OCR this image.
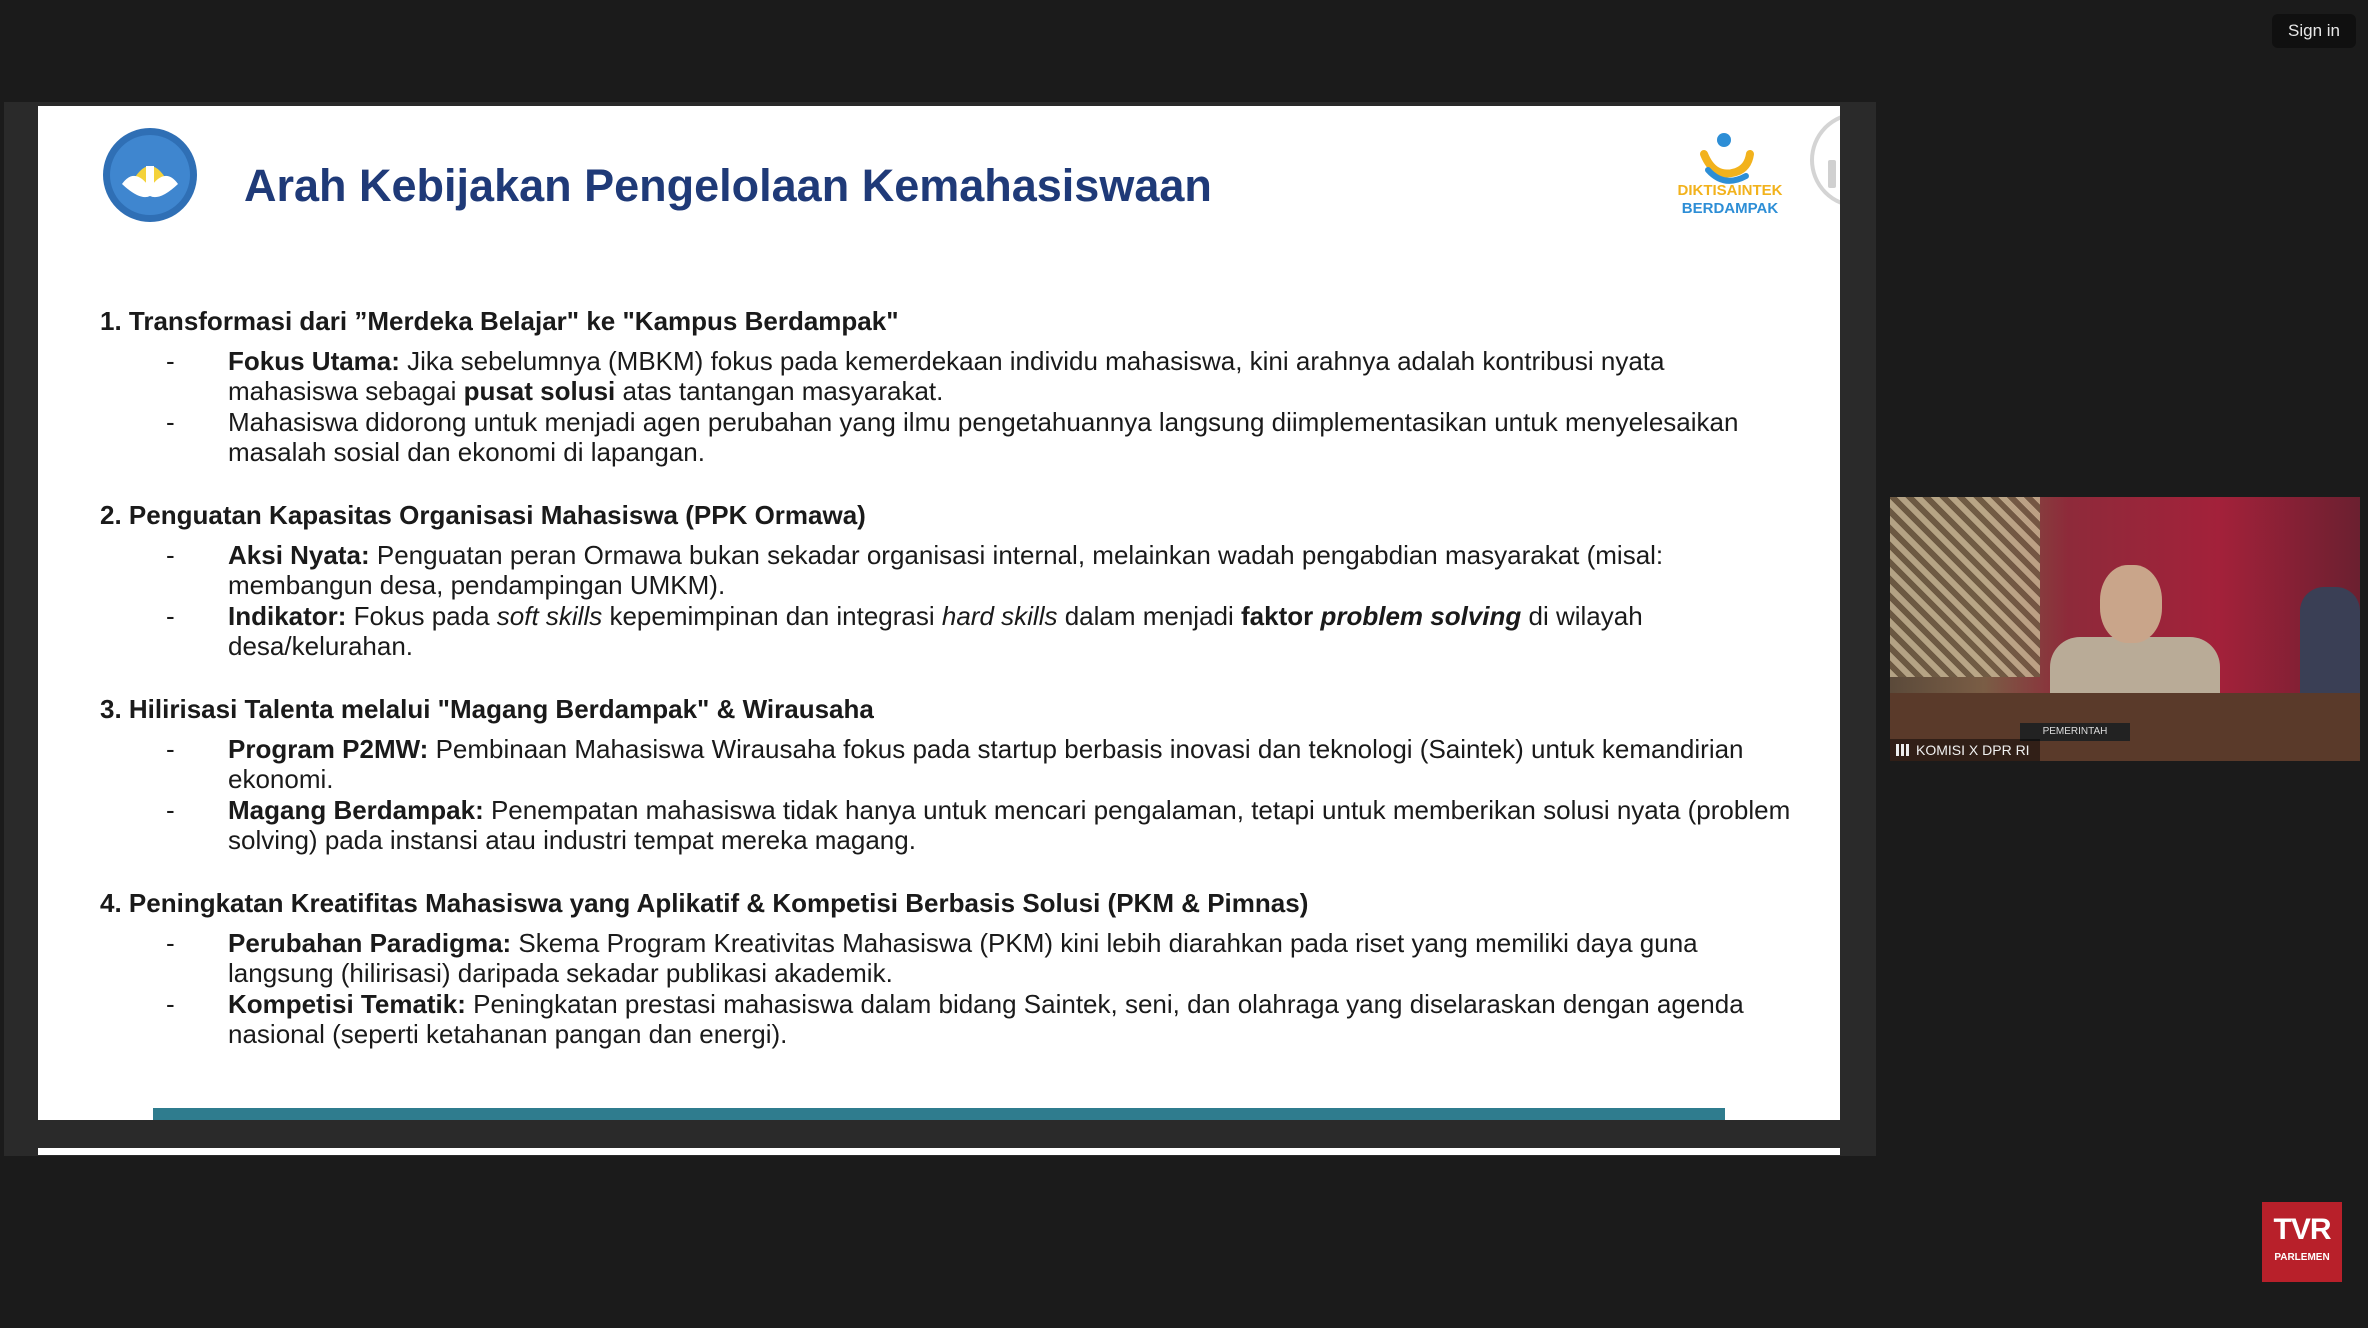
Sign in
Arah Kebijakan Pengelolaan Kemahasiswaan	DIKTISAINTEK
BERDAMPAK
1. Transformasi dari ”Merdeka Belajar" ke "Kampus Berdampak"
- Fokus Utama: Jika sebelumnya (MBKM) fokus pada kemerdekaan individu mahasiswa, kini arahnya adalah kontribusi nyata mahasiswa sebagai pusat solusi atas tantangan masyarakat.
- Mahasiswa didorong untuk menjadi agen perubahan yang ilmu pengetahuannya langsung diimplementasikan untuk menyelesaikan masalah sosial dan ekonomi di lapangan.
2. Penguatan Kapasitas Organisasi Mahasiswa (PPK Ormawa)
- Aksi Nyata: Penguatan peran Ormawa bukan sekadar organisasi internal, melainkan wadah pengabdian masyarakat (misal: membangun desa, pendampingan UMKM).
- Indikator: Fokus pada soft skills kepemimpinan dan integrasi hard skills dalam menjadi faktor problem solving di wilayah desa/kelurahan.
3. Hilirisasi Talenta melalui "Magang Berdampak" & Wirausaha
- Program P2MW: Pembinaan Mahasiswa Wirausaha fokus pada startup berbasis inovasi dan teknologi (Saintek) untuk kemandirian ekonomi.
- Magang Berdampak: Penempatan mahasiswa tidak hanya untuk mencari pengalaman, tetapi untuk memberikan solusi nyata (problem solving) pada instansi atau industri tempat mereka magang.
4. Peningkatan Kreatifitas Mahasiswa yang Aplikatif & Kompetisi Berbasis Solusi (PKM & Pimnas)
- Perubahan Paradigma: Skema Program Kreativitas Mahasiswa (PKM) kini lebih diarahkan pada riset yang memiliki daya guna langsung (hilirisasi) daripada sekadar publikasi akademik.
- Kompetisi Tematik: Peningkatan prestasi mahasiswa dalam bidang Saintek, seni, dan olahraga yang diselaraskan dengan agenda nasional (seperti ketahanan pangan dan energi).
PEMERINTAH
KOMISI X DPR RI
TVR
PARLEMEN
